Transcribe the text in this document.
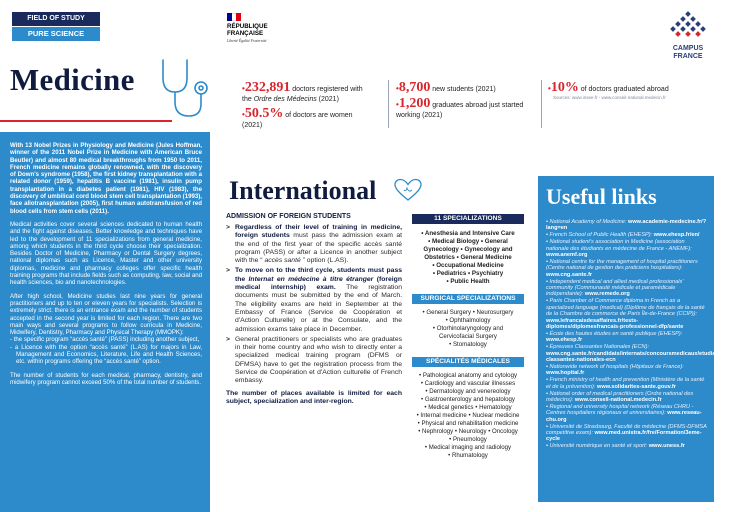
FIELD OF STUDY
PURE SCIENCE
RÉPUBLIQUE FRANÇAISE
Liberté Égalité Fraternité
CAMPUS FRANCE
Medicine	•232,891 doctors registered with the Ordre des Médecins (2021)
•50.5% of doctors are women (2021)
•8,700 new students (2021)
•1,200 graduates abroad just started working (2021)
•10% of doctors graduated abroad
Sources: www.insee.fr - www.conseil-national.medecin.fr

With 13 Nobel Prizes in Physiology and Medicine (Jules Hoffman, winner of the 2011 Nobel Prize in Medicine with American Bruce Beutler) and almost 80 medical breakthroughs from 1950 to 2011, French medicine remains globally renowned, with the discovery of Down's syndrome (1958), the first kidney transplantation with a related donor (1959), hepatitis B vaccine (1981), insulin pump transplantation in a diabetes patient (1981), HIV (1983), the discovery of umbilical cord blood stem cell transplantation (1993), face allotransplantation (2005), first human autotransfusion of red blood cells from stem cells (2011).

Medical activities cover several sciences dedicated to human health and the fight against diseases. Better knowledge and techniques have led to the development of 11 specializations from general medicine, among which students in the third cycle choose their specialization. Besides Doctor of Medicine, Pharmacy or Dental Surgery degrees, national diplomas such as Licence, Master and other university diplomas, medicine and pharmacy colleges offer specific health training programs that include fields such as computing, law, social and health sciences, bio and nanotechnologies.

After high school, Medicine studies last nine years for general practitioners and up to ten or eleven years for specialists. Selection is extremely strict: there is an entrance exam and the number of students accepted in the second year is limited for each region. There are two main ways and several programs to follow curricula in Medicine, Midwifery, Dentistry, Pharmacy and Physical Therapy (MMOPK):

- the specific program “accès santé” (PASS) including another subject,
- a Licence with the option “accès santé” (L.AS) for majors in Law, Management and Economics, Literature, Life and Health Sciences, etc. within programs offering the “accès santé” option.

The number of students for each medical, pharmacy, dentistry, and midwifery program cannot exceed 50% of the total number of students.

International
ADMISSION OF FOREIGN STUDENTS
> Regardless of their level of training in medicine, foreign students must pass the admission exam at the end of the first year of the specific accès santé program (PASS) or after a Licence in another subject with the “ accès santé ” option (L.AS).
> To move on to the third cycle, students must pass the Internat en médecine à titre étranger (foreign medical internship) exam. The registration documents must be submitted by the end of March. The eligibility exams are held in September at the Embassy of France (Service de Coopération et d'Action Culturelle) or at the Consulate, and the admission exams take place in December.
> General practitioners or specialists who are graduates in their home country and who wish to directly enter a specialized medical training program (DFMS or DFMSA) have to get the registration process from the Service de Coopération et d'Action culturelle of French embassy.
The number of places available is limited for each subject, specialization and inter-region.
11 SPECIALIZATIONS
• Anesthesia and Intensive Care
• Medical Biology • General
Gynecology • Gynecology and
Obstetrics • General Medicine
• Occupational Medicine
• Pediatrics • Psychiatry
• Public Health
SURGICAL SPECIALIZATIONS
• General Surgery • Neurosurgery
• Ophthalmology
• Otorhinolaryngology and
Cervicofacial Surgery
• Stomatology
SPÉCIALITÉS MÉDICALES
• Pathological anatomy and cytology
• Cardiology and vascular illnesses
• Dermatology and venereology
• Gastroenterology and hepatology
• Medical genetics • Hematology
• Internal medicine • Nuclear medicine
• Physical and rehabilitation medicine
• Nephrology • Neurology • Oncology
• Pneumology
• Medical imaging and radiology
• Rhumatology
Useful links
• National Academy of Medicine: www.academie-medecine.fr/?lang=en
• French School of Public Health (EHESP): www.ehesp.fr/en/
• National student's association in Medicine (association nationale des étudiants en médecine de France - ANEMF): www.anemf.org
• National centre for the management of hospital practitioners (Centre national de gestion des praticiens hospitaliers): www.cng.sante.fr
• Independent medical and allied medical professionals' community (Communauté médicale et paramédicale indépendante): www.remede.org
• Paris Chamber of Commerce diploma in French as a specialized language (medical) (Diplôme de français de la santé de la Chambre de commerce de Paris Île-de-France (CCIP)): www.lefrancaisdesaffaires.fr/tests-diplomes/diplomesfrancais-professionnel-dfp/sante
• École des hautes études en santé publique (EHESP): www.ehesp.fr
• Épreuves Classantes Nationales (ECN): www.cng.sante.fr/candidats/internats/concoursmedicaux/etudiants/epreuves-classantes-nationales-ecn
• Nationwide network of hospitals (Hôpitaux de France): www.hopital.fr
• French ministry of health and prevention (Ministère de la santé et de la prévention): www.solidarites-sante.gouv.fr
• National order of medical practitioners (Ordre national des médecins): www.conseil-national.medecin.fr
• Regional and university hospital network (Réseau CHRU - Centres hospitaliers régionaux et universitaires): www.reseau-chu.org
• Université de Strasbourg, Faculté de médecine (DFMS-DFMSA competitive exam): www.med.unistra.fr/fre/Formation/3eme-cycle
• Université numérique en santé et sport: www.uness.fr
